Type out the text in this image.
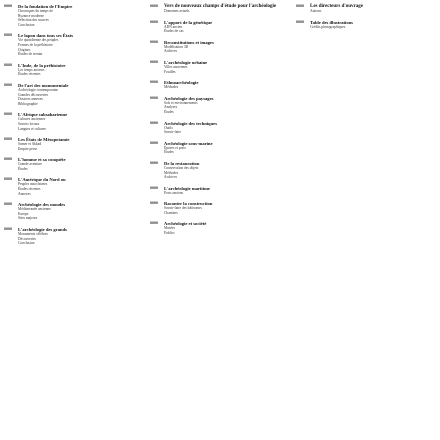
0000	De la fondation de l'Empire

Chroniques du temps de

Byzance moderne

Sélection des sources

Conclusion

0000	Le lapon dans tous ses États

Vie quotidienne des peuples

Formes de la préhistoire

Origines

Études de terrain

0000	L'Inde, de la préhistoire

Les temps anciens

Études récentes

0000	De l'art des monumentale

Archéologie contemporaine

Grandes découvertes

Dossiers annexes

Bibliographie

0000	L'Afrique subsaharienne

Cultures anciennes

Savoirs locaux

Langues et cultures

0000	Les États de Mésopotamie

Sumer et Akkad

Empire perse

0000	L'homme et sa conquête

Grande aventure

Études

0000	L'Amérique du Nord ou

Peuples autochtones

Études récentes

Annexes

0000	Archéologie des mondes

Méditerranée ancienne

Europe

Sites majeurs

0000	L'archéologie des grands

Monuments célèbres

Découvertes

Conclusion

0000	Vers de nouveaux champs d'étude pour l'archéologie

Domaines actuels

0000	L'apport de la génétique

ADN ancien

Études de cas

0000	Reconstitutions et images

Modélisation 3D

Archives

0000	L'archéologie urbaine

Villes anciennes

Fouilles

0000	Ethnoarchéologie

Méthodes

0000	Archéologie des paysages

Sols et environnements

Analyses

Études

0000	Archéologie des techniques

Outils

Savoir-faire

0000	Archéologie sous-marine

Épaves et ports

Études

0000	De la restauration

Conservation des objets

Méthodes

Archives

0000	L'archéologie maritime

Ports anciens

0000	Raconter la construction

Savoir-faire des bâtisseurs

Chantiers

0000	Archéologie et société

Musées

Publics

0000	Les directeurs d'ouvrage

Auteurs

0000	Table des illustrations

Crédits photographiques
